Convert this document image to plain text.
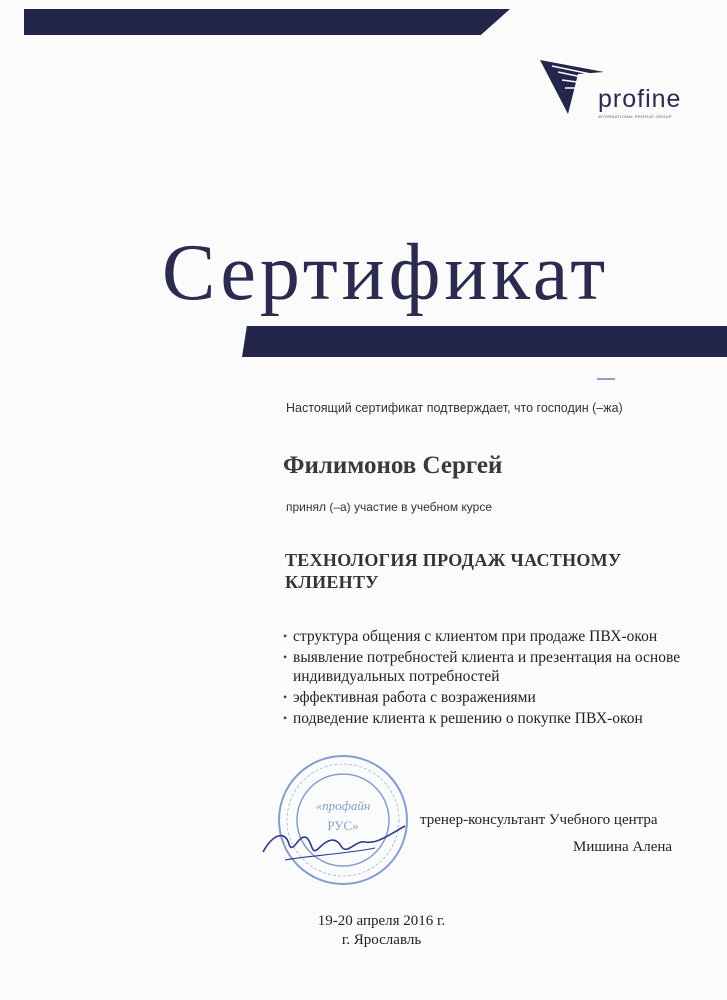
profine
INTERNATIONAL PROFILE GROUP
Сертификат
Настоящий сертификат подтверждает, что господин (–жа)
Филимонов Сергей
принял (–а) участие в учебном курсе
ТЕХНОЛОГИЯ ПРОДАЖ ЧАСТНОМУ КЛИЕНТУ
• структура общения с клиентом при продаже ПВХ-окон
• выявление потребностей клиента и презентация на основе индивидуальных потребностей
• эффективная работа с возражениями
• подведение клиента к решению о покупке ПВХ-окон
«профайн
РУС»	тренер-консультант Учебного центра
Мишина Алена
19-20 апреля 2016 г.
г. Ярославль
